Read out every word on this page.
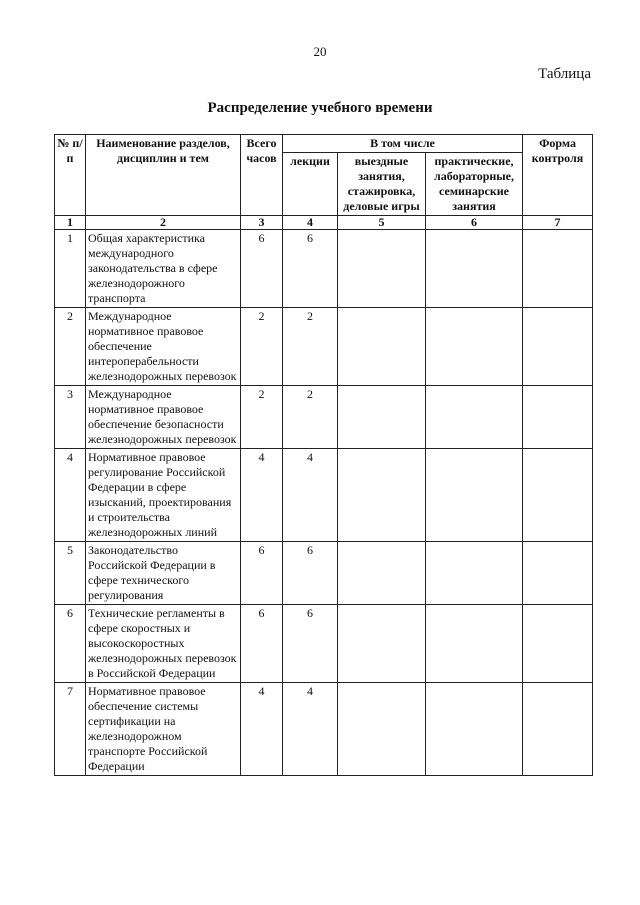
20
Таблица
Распределение учебного времени
№ п/п	Наименование разделов, дисциплин и тем	Всего часов	В том числе			Форма контроля
			лекции	выездные занятия, стажировка, деловые игры	практические, лабораторные, семинарские занятия	
1	2	3	4	5	6	7
1	Общая характеристика международного законодательства в сфере железнодорожного транспорта	6	6			
2	Международное нормативное правовое обеспечение интероперабельности железнодорожных перевозок	2	2			
3	Международное нормативное правовое обеспечение безопасности железнодорожных перевозок	2	2			
4	Нормативное правовое регулирование Российской Федерации в сфере изысканий, проектирования и строительства железнодорожных линий	4	4			
5	Законодательство Российской Федерации в сфере технического регулирования	6	6			
6	Технические регламенты в сфере скоростных и высокоскоростных железнодорожных перевозок в Российской Федерации	6	6			
7	Нормативное правовое обеспечение системы сертификации на железнодорожном транспорте Российской Федерации	4	4			
